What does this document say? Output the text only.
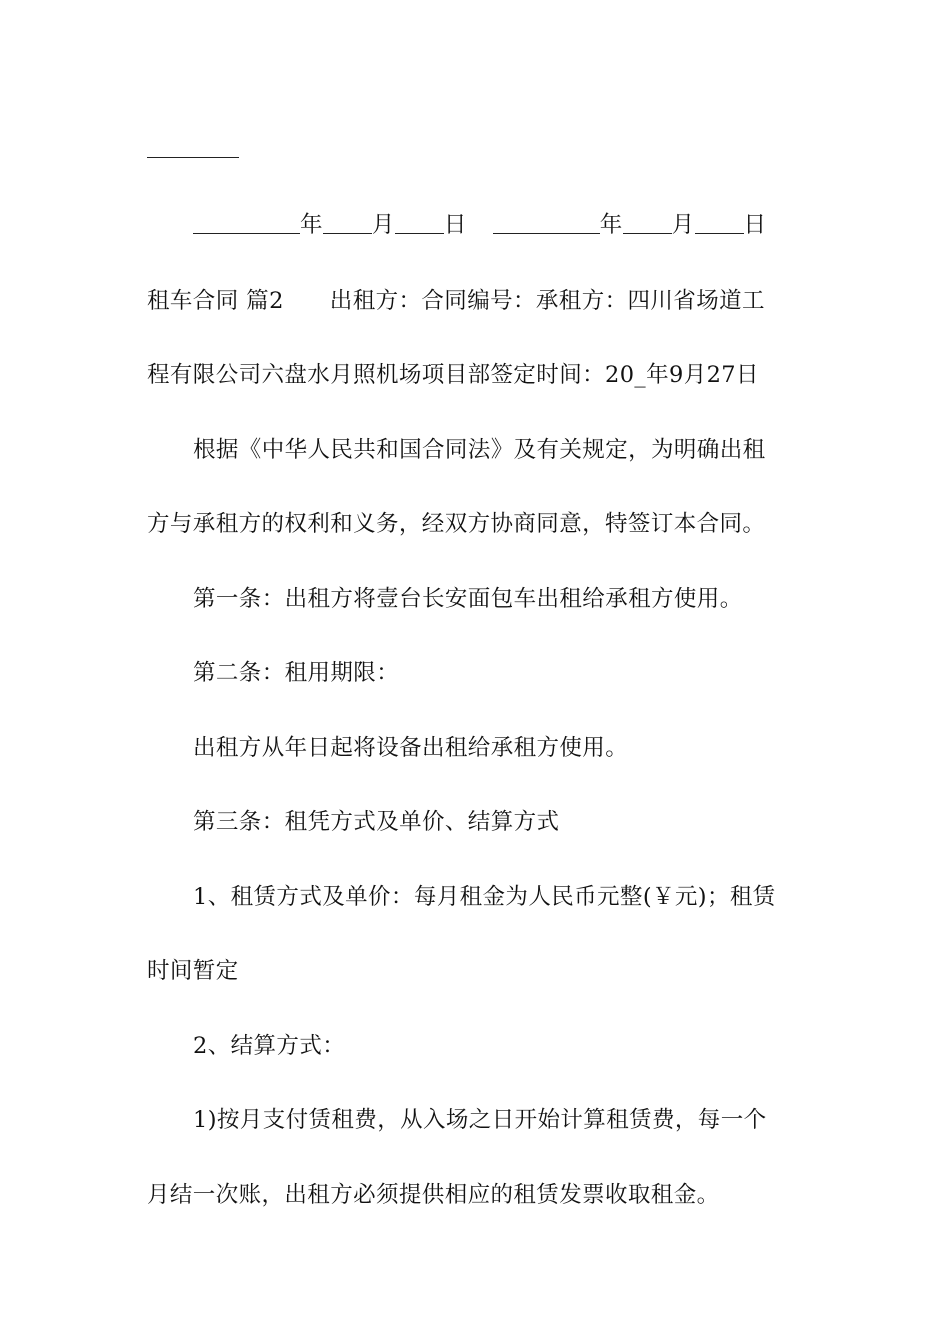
年 月 日	年 月 日
租车合同 篇2 出租方：合同编号：承租方：四川省场道工
程有限公司六盘水月照机场项目部签定时间：20_年9月27日
根据《中华人民共和国合同法》及有关规定，为明确出租
方与承租方的权利和义务，经双方协商同意，特签订本合同。
第一条：出租方将壹台长安面包车出租给承租方使用。
第二条：租用期限：
出租方从年日起将设备出租给承租方使用。
第三条：租凭方式及单价、结算方式
1、租赁方式及单价：每月租金为人民币元整(￥元)；租赁
时间暂定
2、结算方式：
1)按月支付赁租费，从入场之日开始计算租赁费，每一个
月结一次账，出租方必须提供相应的租赁发票收取租金。
